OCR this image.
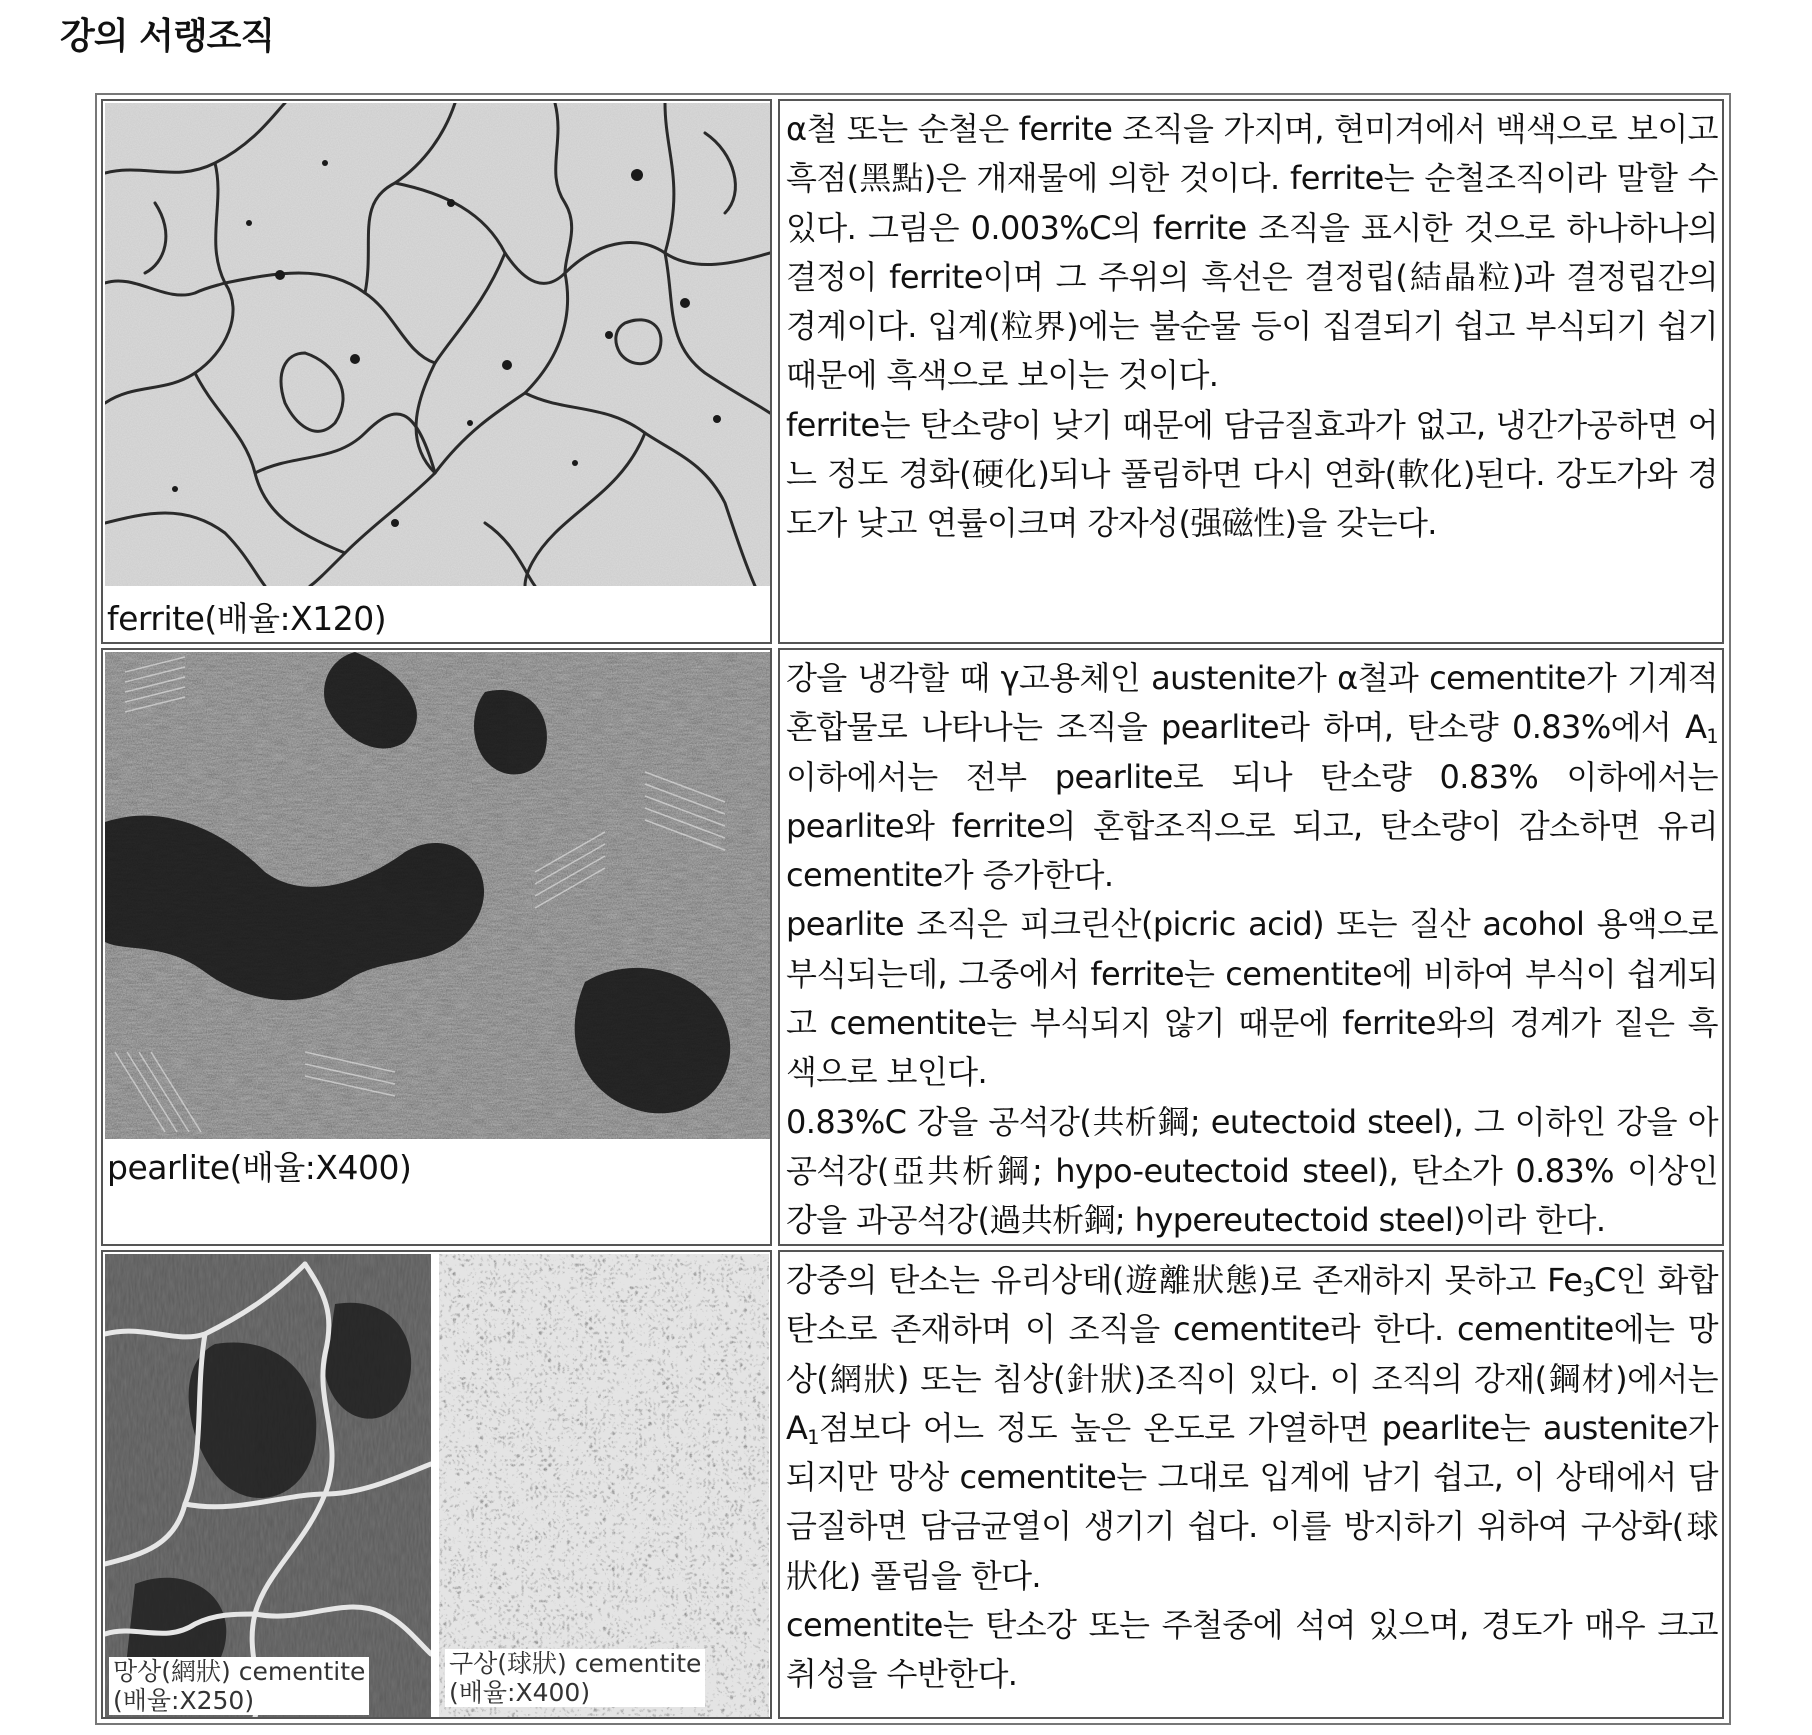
강의 서랭조직
ferrite(배율:X120)

α철 또는 순철은 ferrite 조직을 가지며, 현미겨에서 백색으로 보이고 흑점(黑點)은 개재물에 의한 것이다. ferrite는 순철조직이라 말할 수 있다. 그림은 0.003%C의 ferrite 조직을 표시한 것으로 하나하나의 결정이 ferrite이며 그 주위의 흑선은 결정립(結晶粒)과 결정립간의 경계이다. 입계(粒界)에는 불순물 등이 집결되기 쉽고 부식되기 쉽기 때문에 흑색으로 보이는 것이다.

ferrite는 탄소량이 낮기 때문에 담금질효과가 없고, 냉간가공하면 어느 정도 경화(硬化)되나 풀림하면 다시 연화(軟化)된다. 강도가와 경도가 낮고 연률이크며 강자성(强磁性)을 갖는다.

pearlite(배율:X400)

강을 냉각할 때 γ고용체인 austenite가 α철과 cementite가 기계적 혼합물로 나타나는 조직을 pearlite라 하며, 탄소량 0.83%에서 $A_1$ 이하에서는 전부 pearlite로 되나 탄소량 0.83% 이하에서는 pearlite와 ferrite의 혼합조직으로 되고, 탄소량이 감소하면 유리cementite가 증가한다.

pearlite 조직은 피크린산(picric acid) 또는 질산 acohol 용액으로 부식되는데, 그중에서 ferrite는 cementite에 비하여 부식이 쉽게되고 cementite는 부식되지 않기 때문에 ferrite와의 경계가 짙은 흑색으로 보인다.

0.83%C 강을 공석강(共析鋼; eutectoid steel), 그 이하인 강을 아공석강(亞共析鋼; hypo-eutectoid steel), 탄소가 0.83% 이상인 강을 과공석강(過共析鋼; hypereutectoid steel)이라 한다.

망상(網狀) cementite
(배율:X250)
구상(球狀) cementite
(배율:X400)

강중의 탄소는 유리상태(遊離狀態)로 존재하지 못하고 $Fe_3C$인 화합탄소로 존재하며 이 조직을 cementite라 한다. cementite에는 망상(網狀) 또는 침상(針狀)조직이 있다. 이 조직의 강재(鋼材)에서는 $A_1$점보다 어느 정도 높은 온도로 가열하면 pearlite는 austenite가 되지만 망상 cementite는 그대로 입계에 남기 쉽고, 이 상태에서 담금질하면 담금균열이 생기기 쉽다. 이를 방지하기 위하여 구상화(球狀化) 풀림을 한다.

cementite는 탄소강 또는 주철중에 석여 있으며, 경도가 매우 크고 취성을 수반한다.
